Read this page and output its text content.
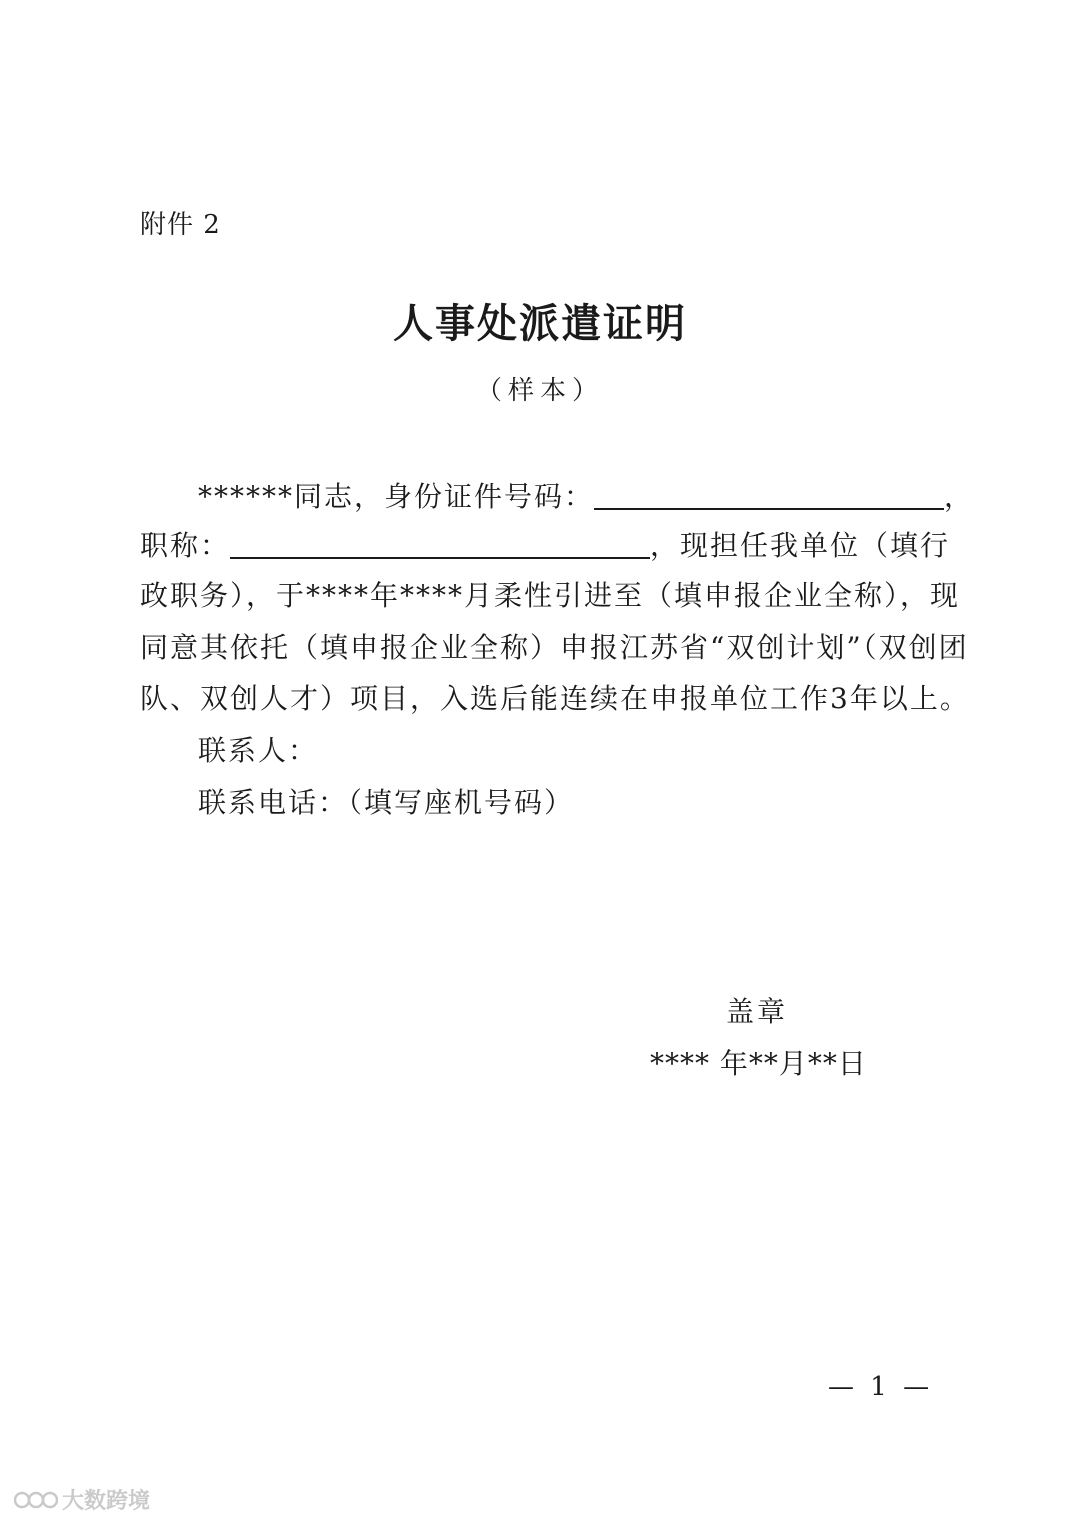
附件 2
人事处派遣证明
（样本）
******同志，身份证件号码：	，
职称：	，现担任我单位（填行
政职务），于****年****月柔性引进至（填申报企业全称），现
同意其依托（填申报企业全称）申报江苏省“双创计划”（双创团
队、双创人才）项目，入选后能连续在申报单位工作3年以上。
联系人：
联系电话：（填写座机号码）
盖章
**** 年**月**日
— 1 —
大数跨境
